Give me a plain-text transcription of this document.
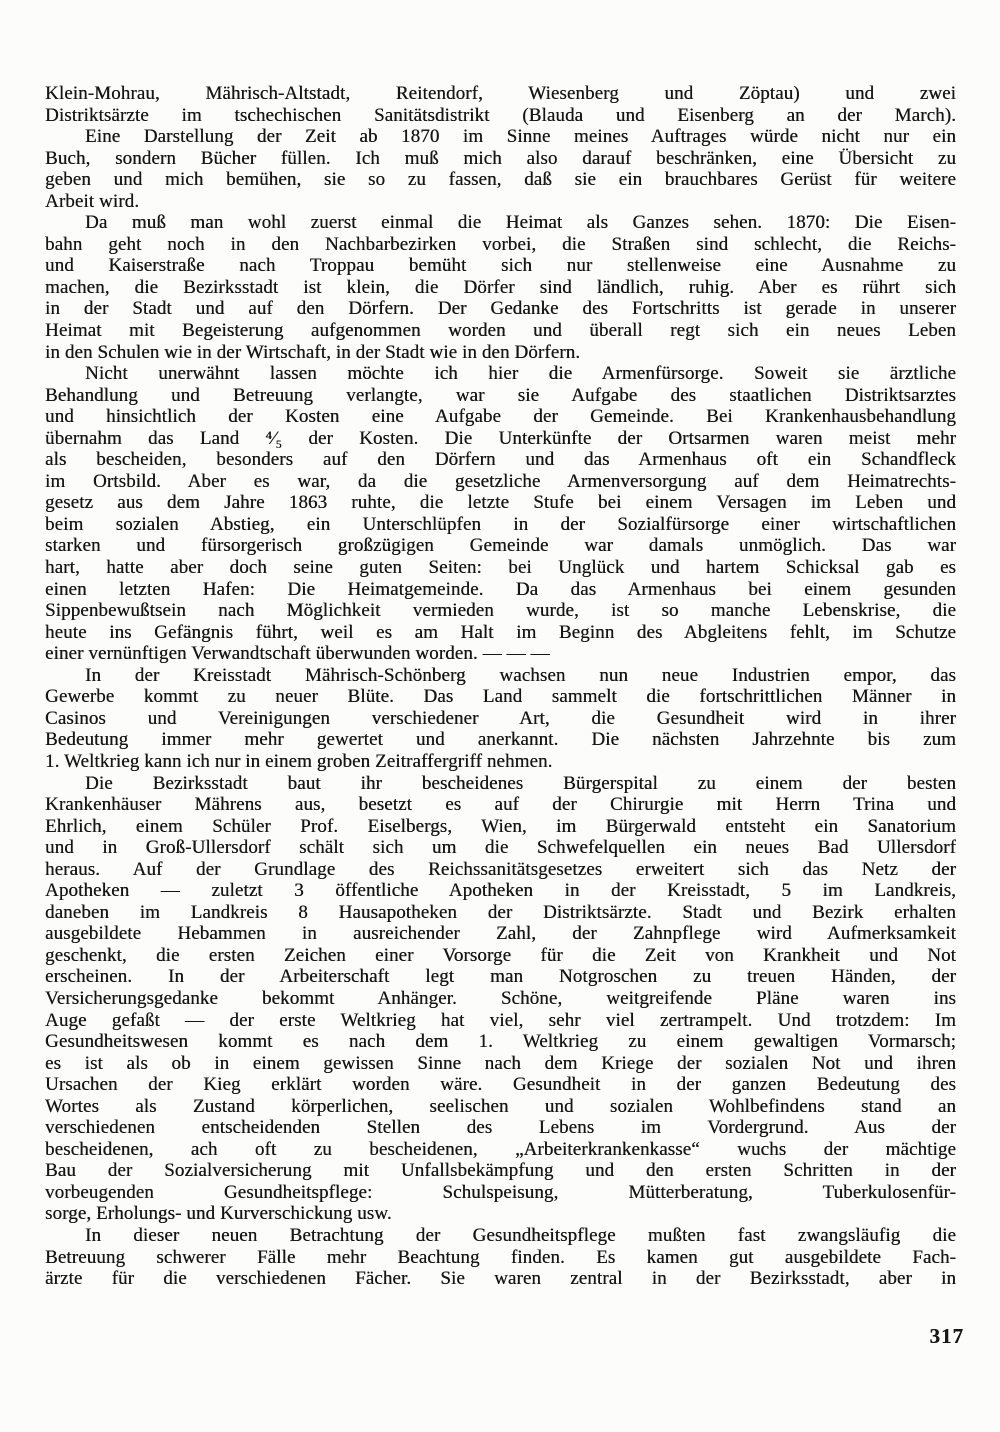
Klein-Mohrau, Mährisch-Altstadt, Reitendorf, Wiesenberg und Zöptau) und zwei
Distriktsärzte im tschechischen Sanitätsdistrikt (Blauda und Eisenberg an der March).
Eine Darstellung der Zeit ab 1870 im Sinne meines Auftrages würde nicht nur ein
Buch, sondern Bücher füllen. Ich muß mich also darauf beschränken, eine Übersicht zu
geben und mich bemühen, sie so zu fassen, daß sie ein brauchbares Gerüst für weitere
Arbeit wird.
Da muß man wohl zuerst einmal die Heimat als Ganzes sehen. 1870: Die Eisen-
bahn geht noch in den Nachbarbezirken vorbei, die Straßen sind schlecht, die Reichs-
und Kaiserstraße nach Troppau bemüht sich nur stellenweise eine Ausnahme zu
machen, die Bezirksstadt ist klein, die Dörfer sind ländlich, ruhig. Aber es rührt sich
in der Stadt und auf den Dörfern. Der Gedanke des Fortschritts ist gerade in unserer
Heimat mit Begeisterung aufgenommen worden und überall regt sich ein neues Leben
in den Schulen wie in der Wirtschaft, in der Stadt wie in den Dörfern.
Nicht unerwähnt lassen möchte ich hier die Armenfürsorge. Soweit sie ärztliche
Behandlung und Betreuung verlangte, war sie Aufgabe des staatlichen Distriktsarztes
und hinsichtlich der Kosten eine Aufgabe der Gemeinde. Bei Krankenhausbehandlung
übernahm das Land ⁴⁄₅ der Kosten. Die Unterkünfte der Ortsarmen waren meist mehr
als bescheiden, besonders auf den Dörfern und das Armenhaus oft ein Schandfleck
im Ortsbild. Aber es war, da die gesetzliche Armenversorgung auf dem Heimatrechts-
gesetz aus dem Jahre 1863 ruhte, die letzte Stufe bei einem Versagen im Leben und
beim sozialen Abstieg, ein Unterschlüpfen in der Sozialfürsorge einer wirtschaftlichen
starken und fürsorgerisch großzügigen Gemeinde war damals unmöglich. Das war
hart, hatte aber doch seine guten Seiten: bei Unglück und hartem Schicksal gab es
einen letzten Hafen: Die Heimatgemeinde. Da das Armenhaus bei einem gesunden
Sippenbewußtsein nach Möglichkeit vermieden wurde, ist so manche Lebenskrise, die
heute ins Gefängnis führt, weil es am Halt im Beginn des Abgleitens fehlt, im Schutze
einer vernünftigen Verwandtschaft überwunden worden. — — —
In der Kreisstadt Mährisch-Schönberg wachsen nun neue Industrien empor, das
Gewerbe kommt zu neuer Blüte. Das Land sammelt die fortschrittlichen Männer in
Casinos und Vereinigungen verschiedener Art, die Gesundheit wird in ihrer
Bedeutung immer mehr gewertet und anerkannt. Die nächsten Jahrzehnte bis zum
1. Weltkrieg kann ich nur in einem groben Zeitraffergriff nehmen.
Die Bezirksstadt baut ihr bescheidenes Bürgerspital zu einem der besten
Krankenhäuser Mährens aus, besetzt es auf der Chirurgie mit Herrn Trina und
Ehrlich, einem Schüler Prof. Eiselbergs, Wien, im Bürgerwald entsteht ein Sanatorium
und in Groß-Ullersdorf schält sich um die Schwefelquellen ein neues Bad Ullersdorf
heraus. Auf der Grundlage des Reichssanitätsgesetzes erweitert sich das Netz der
Apotheken — zuletzt 3 öffentliche Apotheken in der Kreisstadt, 5 im Landkreis,
daneben im Landkreis 8 Hausapotheken der Distriktsärzte. Stadt und Bezirk erhalten
ausgebildete Hebammen in ausreichender Zahl, der Zahnpflege wird Aufmerksamkeit
geschenkt, die ersten Zeichen einer Vorsorge für die Zeit von Krankheit und Not
erscheinen. In der Arbeiterschaft legt man Notgroschen zu treuen Händen, der
Versicherungsgedanke bekommt Anhänger. Schöne, weitgreifende Pläne waren ins
Auge gefaßt — der erste Weltkrieg hat viel, sehr viel zertrampelt. Und trotzdem: Im
Gesundheitswesen kommt es nach dem 1. Weltkrieg zu einem gewaltigen Vormarsch;
es ist als ob in einem gewissen Sinne nach dem Kriege der sozialen Not und ihren
Ursachen der Kieg erklärt worden wäre. Gesundheit in der ganzen Bedeutung des
Wortes als Zustand körperlichen, seelischen und sozialen Wohlbefindens stand an
verschiedenen entscheidenden Stellen des Lebens im Vordergrund. Aus der
bescheidenen, ach oft zu bescheidenen, „Arbeiterkrankenkasse“ wuchs der mächtige
Bau der Sozialversicherung mit Unfallsbekämpfung und den ersten Schritten in der
vorbeugenden Gesundheitspflege: Schulspeisung, Mütterberatung, Tuberkulosenfür-
sorge, Erholungs- und Kurverschickung usw.
In dieser neuen Betrachtung der Gesundheitspflege mußten fast zwangsläufig die
Betreuung schwerer Fälle mehr Beachtung finden. Es kamen gut ausgebildete Fach-
ärzte für die verschiedenen Fächer. Sie waren zentral in der Bezirksstadt, aber in
317
